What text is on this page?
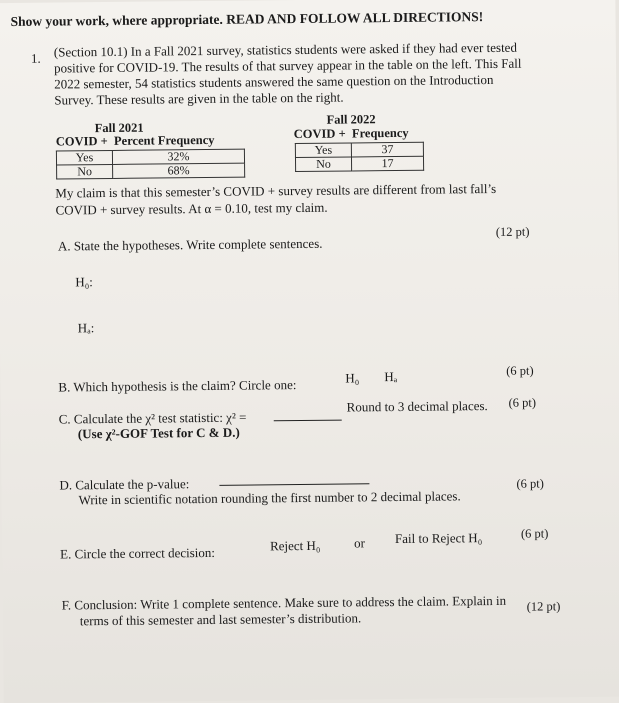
Show your work, where appropriate. READ AND FOLLOW ALL DIRECTIONS!
1. (Section 10.1) In a Fall 2021 survey, statistics students were asked if they had ever tested positive for COVID-19. The results of that survey appear in the table on the left. This Fall 2022 semester, 54 statistics students answered the same question on the Introduction Survey. These results are given in the table on the right.
Fall 2021
COVID + Percent Frequency
Yes	32%
No	68%
Fall 2022
COVID + Frequency
Yes	37
No	17
My claim is that this semester’s COVID + survey results are different from last fall’s
COVID + survey results. At α = 0.10, test my claim.
A. State the hypotheses. Write complete sentences.
(12 pt)
H₀:
Hₐ:
B. Which hypothesis is the claim? Circle one:	H₀ Hₐ	(6 pt)
C. Calculate the χ² test statistic: χ² =
Round to 3 decimal places. (6 pt)
(Use χ²-GOF Test for C & D.)
D. Calculate the p-value:
Write in scientific notation rounding the first number to 2 decimal places.
(6 pt)
E. Circle the correct decision:	Reject H₀	or Fail to Reject H₀	(6 pt)
F. Conclusion: Write 1 complete sentence. Make sure to address the claim. Explain in
terms of this semester and last semester’s distribution.
(12 pt)
